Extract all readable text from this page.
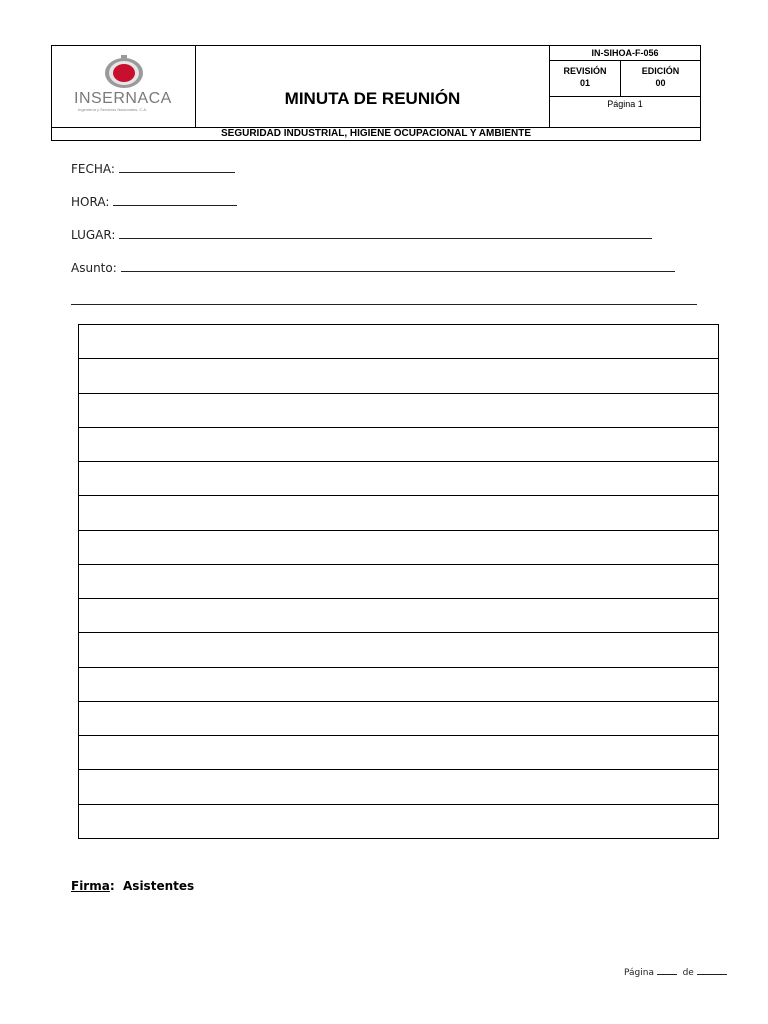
INSERNACA
Ingeniería y Servicios Nacionales, C.A.
MINUTA DE REUNIÓN
IN-SIHOA-F-056
REVISIÓN
01
EDICIÓN
00
Página 1
SEGURIDAD INDUSTRIAL, HIGIENE OCUPACIONAL Y AMBIENTE
FECHA:
HORA:
LUGAR:
Asunto:
Firma: Asistentes
Página	de
